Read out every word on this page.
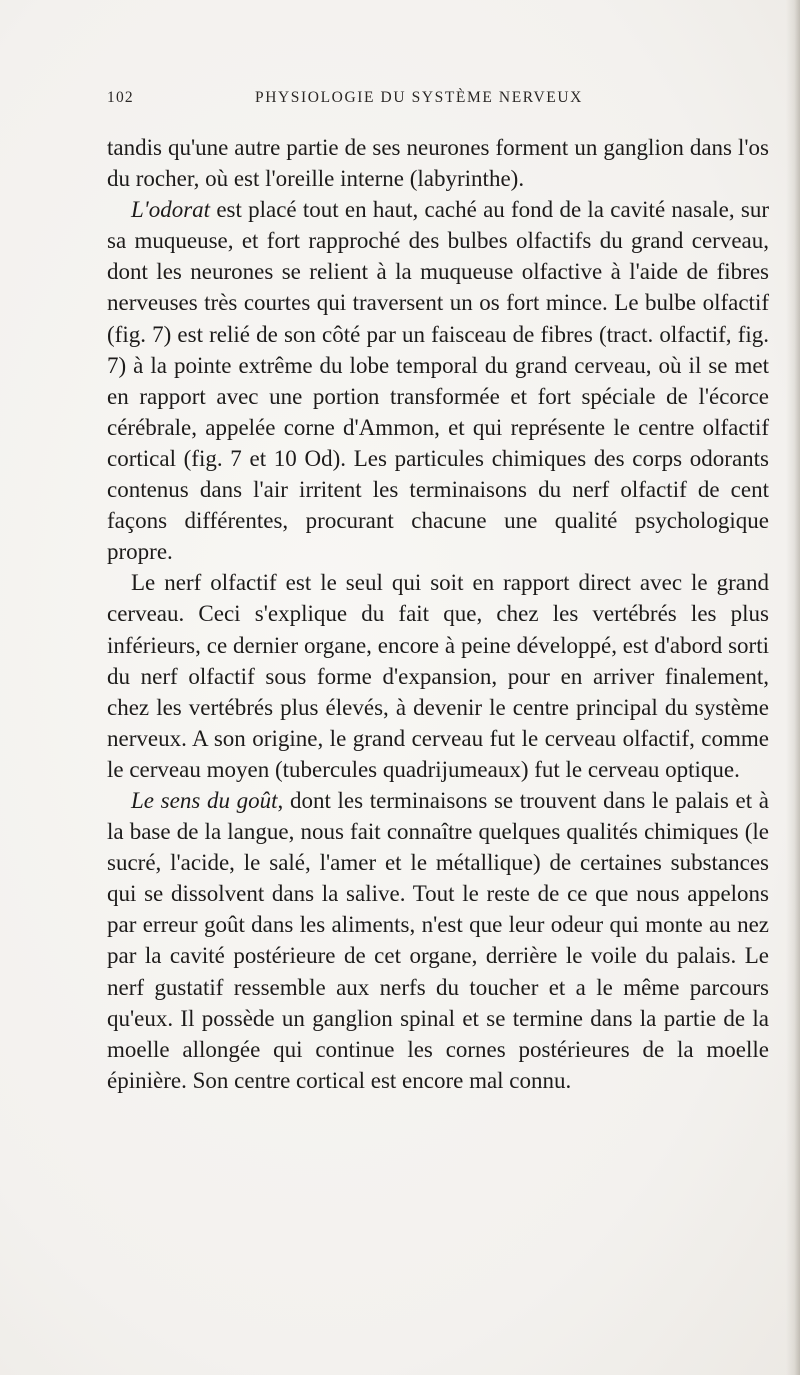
102	PHYSIOLOGIE DU SYSTÈME NERVEUX

tandis qu'une autre partie de ses neurones forment un ganglion dans l'os du rocher, où est l'oreille interne (labyrinthe).

L'odorat est placé tout en haut, caché au fond de la cavité nasale, sur sa muqueuse, et fort rapproché des bulbes olfactifs du grand cerveau, dont les neurones se relient à la muqueuse olfactive à l'aide de fibres nerveuses très courtes qui traversent un os fort mince. Le bulbe olfactif (fig. 7) est relié de son côté par un faisceau de fibres (tract. olfactif, fig. 7) à la pointe extrême du lobe temporal du grand cerveau, où il se met en rapport avec une portion transformée et fort spéciale de l'écorce cérébrale, appelée corne d'Ammon, et qui représente le centre olfactif cortical (fig. 7 et 10 Od). Les particules chimiques des corps odorants contenus dans l'air irritent les terminaisons du nerf olfactif de cent façons différentes, procurant chacune une qualité psychologique propre.

Le nerf olfactif est le seul qui soit en rapport direct avec le grand cerveau. Ceci s'explique du fait que, chez les vertébrés les plus inférieurs, ce dernier organe, encore à peine développé, est d'abord sorti du nerf olfactif sous forme d'expansion, pour en arriver finalement, chez les vertébrés plus élevés, à devenir le centre principal du système nerveux. A son origine, le grand cerveau fut le cerveau olfactif, comme le cerveau moyen (tubercules quadrijumeaux) fut le cerveau optique.

Le sens du goût, dont les terminaisons se trouvent dans le palais et à la base de la langue, nous fait connaître quelques qualités chimiques (le sucré, l'acide, le salé, l'amer et le métallique) de certaines substances qui se dissolvent dans la salive. Tout le reste de ce que nous appelons par erreur goût dans les aliments, n'est que leur odeur qui monte au nez par la cavité postérieure de cet organe, derrière le voile du palais. Le nerf gustatif ressemble aux nerfs du toucher et a le même parcours qu'eux. Il possède un ganglion spinal et se termine dans la partie de la moelle allongée qui continue les cornes postérieures de la moelle épinière. Son centre cortical est encore mal connu.
